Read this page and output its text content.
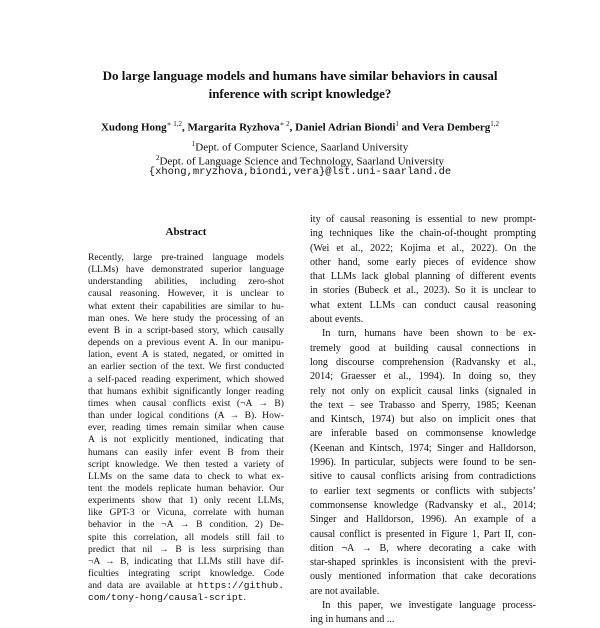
Do large language models and humans have similar behaviors in causal
inference with script knowledge?
Xudong Hong$^{∗ 1,2}$, Margarita Ryzhova$^{∗ 2}$, Daniel Adrian Biondi$^1$ and Vera Demberg$^{1,2}$
$^1$Dept. of Computer Science, Saarland University
$^2$Dept. of Language Science and Technology, Saarland University
{xhong,mryzhova,biondi,vera}@lst.uni-saarland.de
Abstract
Recently, large pre-trained language models
(LLMs) have demonstrated superior language
understanding abilities, including zero-shot
causal reasoning. However, it is unclear to
what extent their capabilities are similar to hu-
man ones. We here study the processing of an
event B in a script-based story, which causally
depends on a previous event A. In our manipu-
lation, event A is stated, negated, or omitted in
an earlier section of the text. We first conducted
a self-paced reading experiment, which showed
that humans exhibit significantly longer reading
times when causal conflicts exist (¬A → B)
than under logical conditions (A → B). How-
ever, reading times remain similar when cause
A is not explicitly mentioned, indicating that
humans can easily infer event B from their
script knowledge. We then tested a variety of
LLMs on the same data to check to what ex-
tent the models replicate human behavior. Our
experiments show that 1) only recent LLMs,
like GPT-3 or Vicuna, correlate with human
behavior in the ¬A → B condition. 2) De-
spite this correlation, all models still fail to
predict that nil → B is less surprising than
¬A → B, indicating that LLMs still have dif-
ficulties integrating script knowledge. Code
and data are available at https://github.
com/tony-hong/causal-script.
ity of causal reasoning is essential to new prompt-
ing techniques like the chain-of-thought prompting
(Wei et al., 2022; Kojima et al., 2022). On the
other hand, some early pieces of evidence show
that LLMs lack global planning of different events
in stories (Bubeck et al., 2023). So it is unclear to
what extent LLMs can conduct causal reasoning
about events.
In turn, humans have been shown to be ex-
tremely good at building causal connections in
long discourse comprehension (Radvansky et al.,
2014; Graesser et al., 1994). In doing so, they
rely not only on explicit causal links (signaled in
the text – see Trabasso and Sperry, 1985; Keenan
and Kintsch, 1974) but also on implicit ones that
are inferable based on commonsense knowledge
(Keenan and Kintsch, 1974; Singer and Halldorson,
1996). In particular, subjects were found to be sen-
sitive to causal conflicts arising from contradictions
to earlier text segments or conflicts with subjects’
commonsense knowledge (Radvansky et al., 2014;
Singer and Halldorson, 1996). An example of a
causal conflict is presented in Figure 1, Part II, con-
dition ¬A → B, where decorating a cake with
star-shaped sprinkles is inconsistent with the previ-
ously mentioned information that cake decorations
are not available.
In this paper, we investigate language process-
ing in humans and ...
